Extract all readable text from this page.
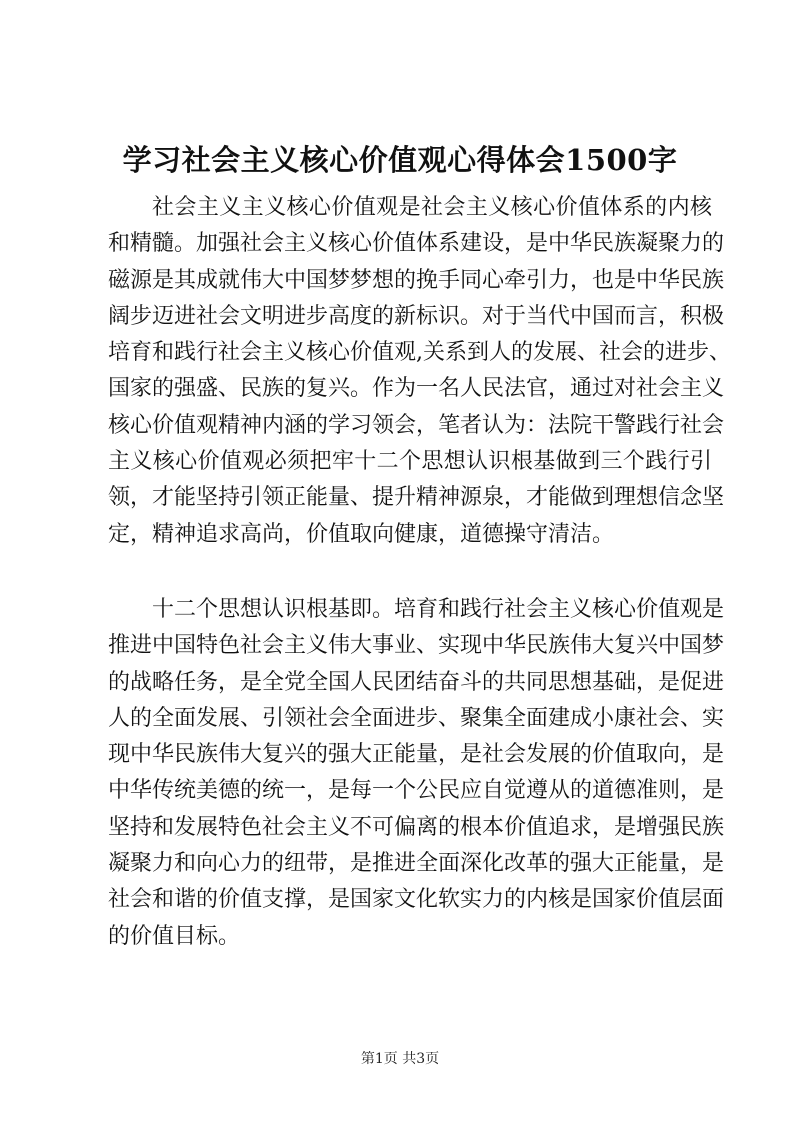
学习社会主义核心价值观心得体会1500字
社会主义主义核心价值观是社会主义核心价值体系的内核
和精髓。加强社会主义核心价值体系建设，是中华民族凝聚力的
磁源是其成就伟大中国梦梦想的挽手同心牵引力，也是中华民族
阔步迈进社会文明进步高度的新标识。对于当代中国而言，积极
培育和践行社会主义核心价值观,关系到人的发展、社会的进步、
国家的强盛、民族的复兴。作为一名人民法官，通过对社会主义
核心价值观精神内涵的学习领会，笔者认为：法院干警践行社会
主义核心价值观必须把牢十二个思想认识根基做到三个践行引
领，才能坚持引领正能量、提升精神源泉，才能做到理想信念坚
定，精神追求高尚，价值取向健康，道德操守清洁。
十二个思想认识根基即。培育和践行社会主义核心价值观是
推进中国特色社会主义伟大事业、实现中华民族伟大复兴中国梦
的战略任务，是全党全国人民团结奋斗的共同思想基础，是促进
人的全面发展、引领社会全面进步、聚集全面建成小康社会、实
现中华民族伟大复兴的强大正能量，是社会发展的价值取向，是
中华传统美德的统一，是每一个公民应自觉遵从的道德准则，是
坚持和发展特色社会主义不可偏离的根本价值追求，是增强民族
凝聚力和向心力的纽带，是推进全面深化改革的强大正能量，是
社会和谐的价值支撑，是国家文化软实力的内核是国家价值层面
的价值目标。
第1页 共3页
